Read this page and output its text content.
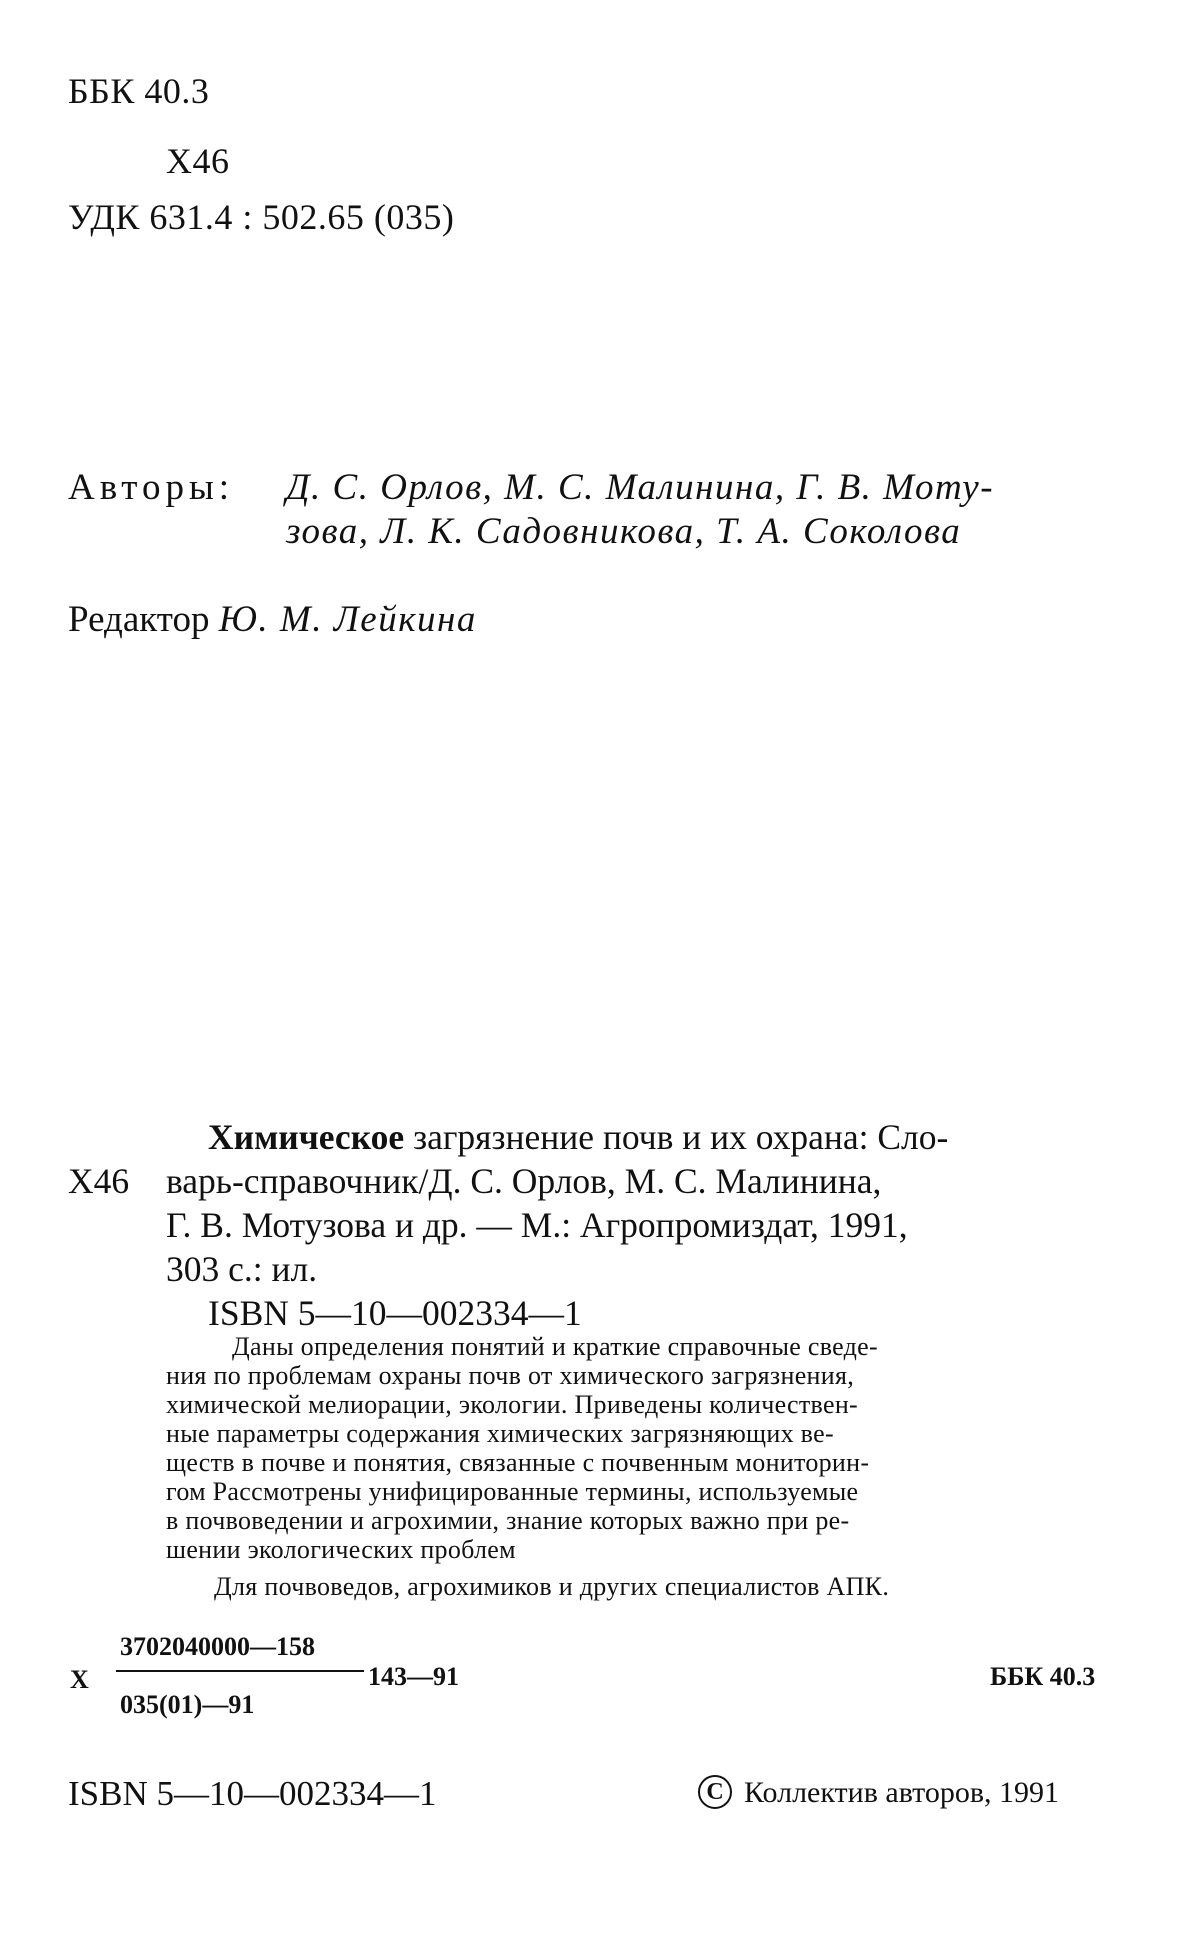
ББК 40.3
Х46
УДК 631.4 : 502.65 (035)
Авторы: Д. С. Орлов, М. С. Малинина, Г. В. Моту-
зова, Л. К. Садовникова, Т. А. Соколова
Редактор Ю. М. Лейкина
Химическое загрязнение почв и их охрана: Сло-
Х46 варь-справочник/Д. С. Орлов, М. С. Малинина,
Г. В. Мотузова и др. — М.: Агропромиздат, 1991,
303 с.: ил.
ISBN 5—10—002334—1
Даны определения понятий и краткие справочные сведе-
ния по проблемам охраны почв от химического загрязнения,
химической мелиорации, экологии. Приведены количествен-
ные параметры содержания химических загрязняющих ве-
ществ в почве и понятия, связанные с почвенным мониторин-
гом Рассмотрены унифицированные термины, используемые
в почвоведении и агрохимии, знание которых важно при ре-
шении экологических проблем
Для почвоведов, агрохимиков и других специалистов АПК.
X
3702040000—158
035(01)—91
143—91	ББК 40.3
ISBN 5—10—002334—1	C Коллектив авторов, 1991
